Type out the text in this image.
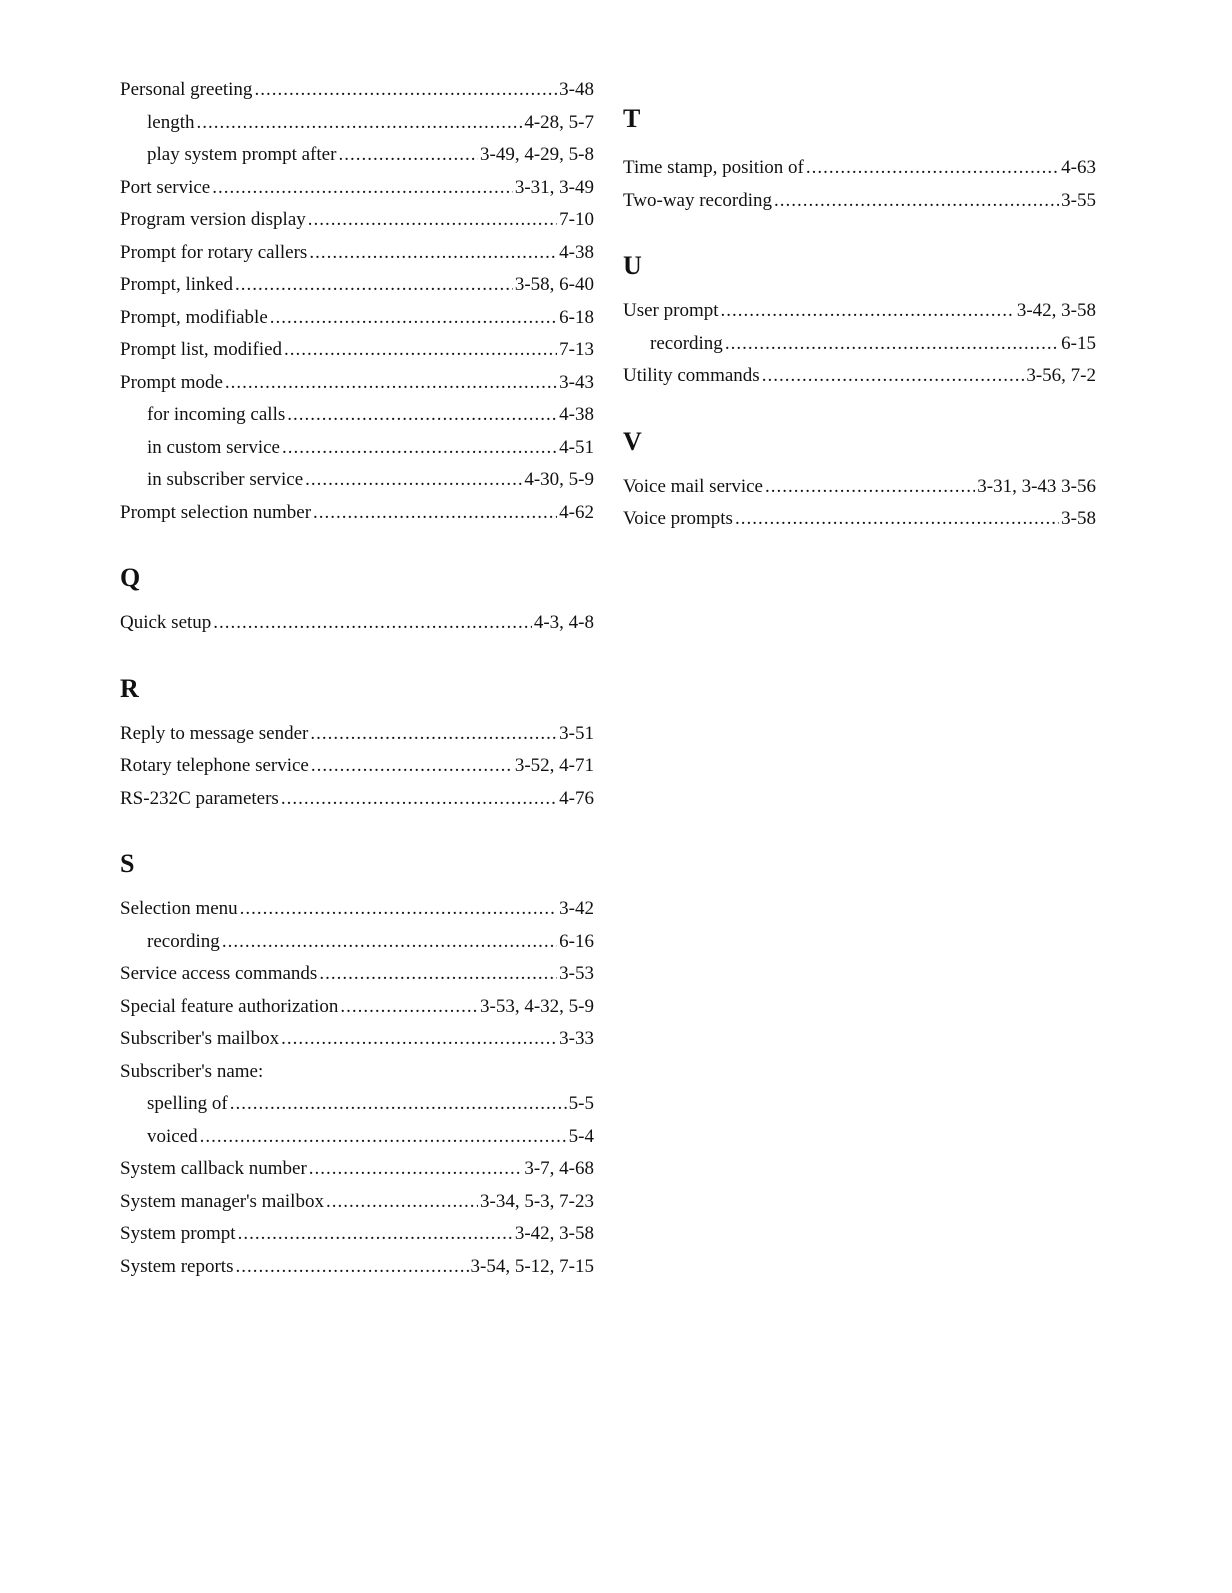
Personal greeting .....	3-48
length .....	4-28, 5-7
play system prompt after .....	3-49, 4-29, 5-8
Port service .....	3-31, 3-49
Program version display .....	7-10
Prompt for rotary callers .....	4-38
Prompt, linked .....	3-58, 6-40
Prompt, modifiable .....	6-18
Prompt list, modified .....	7-13
Prompt mode .....	3-43
for incoming calls .....	4-38
in custom service .....	4-51
in subscriber service .....	4-30, 5-9
Prompt selection number .....	4-62
Q
Quick setup .....	4-3, 4-8
R
Reply to message sender .....	3-51
Rotary telephone service .....	3-52, 4-71
RS-232C parameters .....	4-76
S
Selection menu .....	3-42
recording .....	6-16
Service access commands .....	3-53
Special feature authorization .....	3-53, 4-32, 5-9
Subscriber's mailbox .....	3-33
Subscriber's name:
spelling of .....	5-5
voiced .....	5-4
System callback number .....	3-7, 4-68
System manager's mailbox .....	3-34, 5-3, 7-23
System prompt .....	3-42, 3-58
System reports .....	3-54, 5-12, 7-15
T
Time stamp, position of .....	4-63
Two-way recording .....	3-55
U
User prompt .....	3-42, 3-58
recording .....	6-15
Utility commands .....	3-56, 7-2
V
Voice mail service .....	3-31, 3-43 3-56
Voice prompts .....	3-58
